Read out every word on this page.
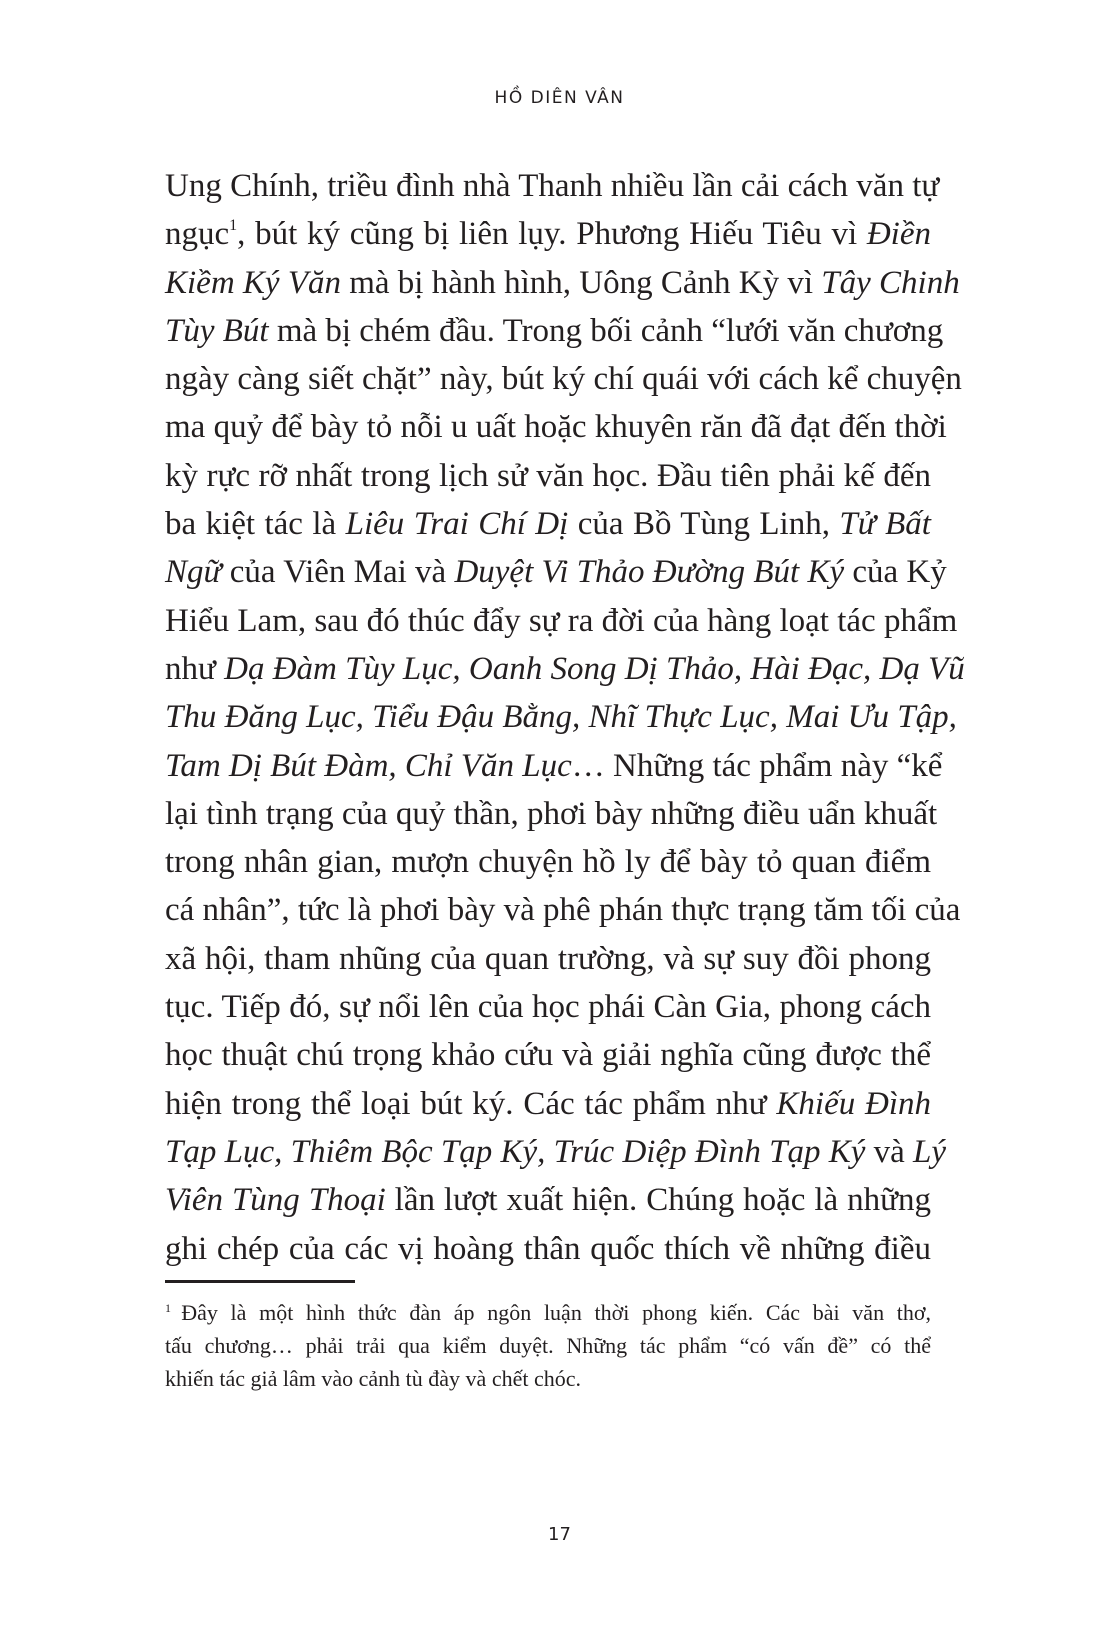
HỒ DIÊN VÂN
Ung Chính, triều đình nhà Thanh nhiều lần cải cách văn tự
ngục$^1$, bút ký cũng bị liên lụy. Phương Hiếu Tiêu vì Điền
Kiềm Ký Văn mà bị hành hình, Uông Cảnh Kỳ vì Tây Chinh
Tùy Bút mà bị chém đầu. Trong bối cảnh “lưới văn chương
ngày càng siết chặt” này, bút ký chí quái với cách kể chuyện
ma quỷ để bày tỏ nỗi u uất hoặc khuyên răn đã đạt đến thời
kỳ rực rỡ nhất trong lịch sử văn học. Đầu tiên phải kế đến
ba kiệt tác là Liêu Trai Chí Dị của Bồ Tùng Linh, Tử Bất
Ngữ của Viên Mai và Duyệt Vi Thảo Đường Bút Ký của Kỷ
Hiểu Lam, sau đó thúc đẩy sự ra đời của hàng loạt tác phẩm
như Dạ Đàm Tùy Lục, Oanh Song Dị Thảo, Hài Đạc, Dạ Vũ
Thu Đăng Lục, Tiểu Đậu Bằng, Nhĩ Thực Lục, Mai Ưu Tập,
Tam Dị Bút Đàm, Chỉ Văn Lục… Những tác phẩm này “kể
lại tình trạng của quỷ thần, phơi bày những điều uẩn khuất
trong nhân gian, mượn chuyện hồ ly để bày tỏ quan điểm
cá nhân”, tức là phơi bày và phê phán thực trạng tăm tối của
xã hội, tham nhũng của quan trường, và sự suy đồi phong
tục. Tiếp đó, sự nổi lên của học phái Càn Gia, phong cách
học thuật chú trọng khảo cứu và giải nghĩa cũng được thể
hiện trong thể loại bút ký. Các tác phẩm như Khiếu Đình
Tạp Lục, Thiêm Bộc Tạp Ký, Trúc Diệp Đình Tạp Ký và Lý
Viên Tùng Thoại lần lượt xuất hiện. Chúng hoặc là những
ghi chép của các vị hoàng thân quốc thích về những điều
$^1$ Đây là một hình thức đàn áp ngôn luận thời phong kiến. Các bài văn thơ,
tấu chương… phải trải qua kiểm duyệt. Những tác phẩm “có vấn đề” có thể
khiến tác giả lâm vào cảnh tù đày và chết chóc.
17
